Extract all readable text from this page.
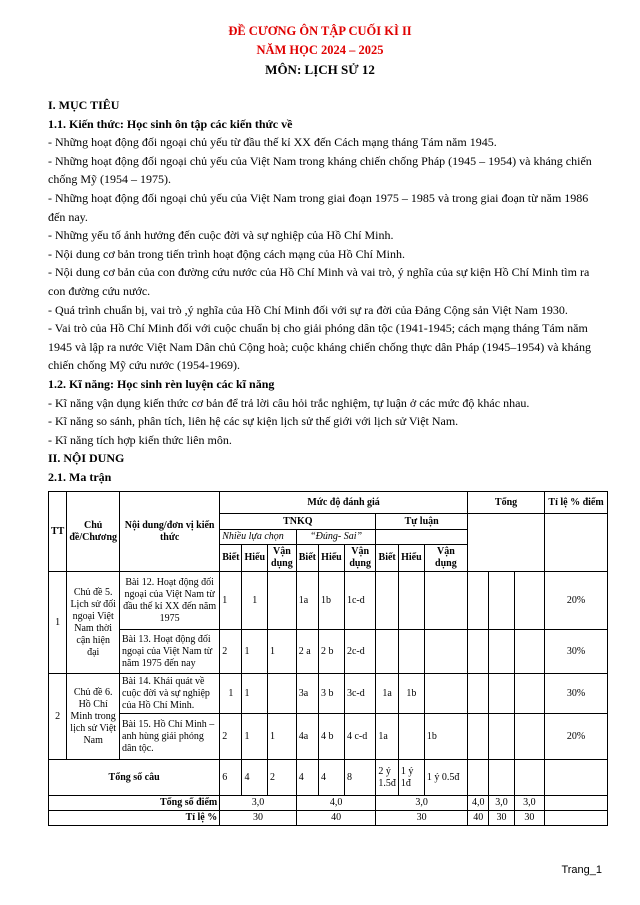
ĐỀ CƯƠNG ÔN TẬP CUỐI KÌ II
NĂM HỌC 2024 – 2025
MÔN: LỊCH SỬ 12

I. MỤC TIÊU

1.1. Kiến thức: Học sinh ôn tập các kiến thức về

- Những hoạt động đối ngoại chủ yếu từ đầu thế kỉ XX đến Cách mạng tháng Tám năm 1945.

- Những hoạt động đối ngoại chủ yếu của Việt Nam trong kháng chiến chống Pháp (1945 – 1954) và kháng chiến chống Mỹ (1954 – 1975).

- Những hoạt động đối ngoại chủ yếu của Việt Nam trong giai đoạn 1975 – 1985 và trong giai đoạn từ năm 1986 đến nay.

- Những yếu tố ảnh hưởng đến cuộc đời và sự nghiệp của Hồ Chí Minh.

- Nội dung cơ bản trong tiến trình hoạt động cách mạng của Hồ Chí Minh.

- Nội dung cơ bản của con đường cứu nước của Hồ Chí Minh và vai trò, ý nghĩa của sự kiện Hồ Chí Minh tìm ra con đường cứu nước.

- Quá trình chuẩn bị, vai trò ,ý nghĩa của Hồ Chí Minh đối với sự ra đời của Đảng Cộng sản Việt Nam 1930.

- Vai trò của Hồ Chí Minh đối với cuộc chuẩn bị cho giải phóng dân tộc (1941-1945; cách mạng tháng Tám năm 1945 và lập ra nước Việt Nam Dân chủ Cộng hoà; cuộc kháng chiến chống thực dân Pháp (1945–1954) và kháng chiến chống Mỹ cứu nước (1954-1969).

1.2. Kĩ năng: Học sinh rèn luyện các kĩ năng

- Kĩ năng vận dụng kiến thức cơ bản để trả lời câu hỏi trắc nghiệm, tự luận ở các mức độ khác nhau.

- Kĩ năng so sánh, phân tích, liên hệ các sự kiện lịch sử thế giới với lịch sử Việt Nam.

- Kĩ năng tích hợp kiến thức liên môn.

II. NỘI DUNG

2.1. Ma trận

TT	Chủ đề/Chương	Nội dung/đơn vị kiến thức	Mức độ đánh giá									Tổng			Tỉ lệ % điểm
			TNKQ						Tự luận						
			Nhiều lựa chọn			“Đúng- Sai”									
			Biết	Hiểu	Vận dụng	Biết	Hiểu	Vận dụng	Biết	Hiểu	Vận dụng				
1	Chủ đề 5. Lịch sử đối ngoại Việt Nam thời cận hiện đại	Bài 12. Hoạt động đối ngoại của Việt Nam từ đầu thế kỉ XX đến năm 1975	1	1		1a	1b	1c-d							20%
		Bài 13. Hoạt động đối ngoại của Việt Nam từ năm 1975 đến nay	2	1	1	2 a	2 b	2c-d							30%
2	Chủ đề 6. Hồ Chí Minh trong lịch sử Việt Nam	Bài 14. Khái quát về cuộc đời và sự nghiệp của Hồ Chí Minh.	1	1		3a	3 b	3c-d	1a	1b					30%
		Bài 15. Hồ Chí Minh – anh hùng giải phóng dân tộc.	2	1	1	4a	4 b	4 c-d	1a		1b				20%
Tổng số câu			6	4	2	4	4	8	2 ý 1.5đ	1 ý 1đ	1 ý 0.5đ				
Tổng số điểm			3,0			4,0			3,0			4,0	3,0	3,0	
Tỉ lệ %			30			40			30			40	30	30	
Trang_1
